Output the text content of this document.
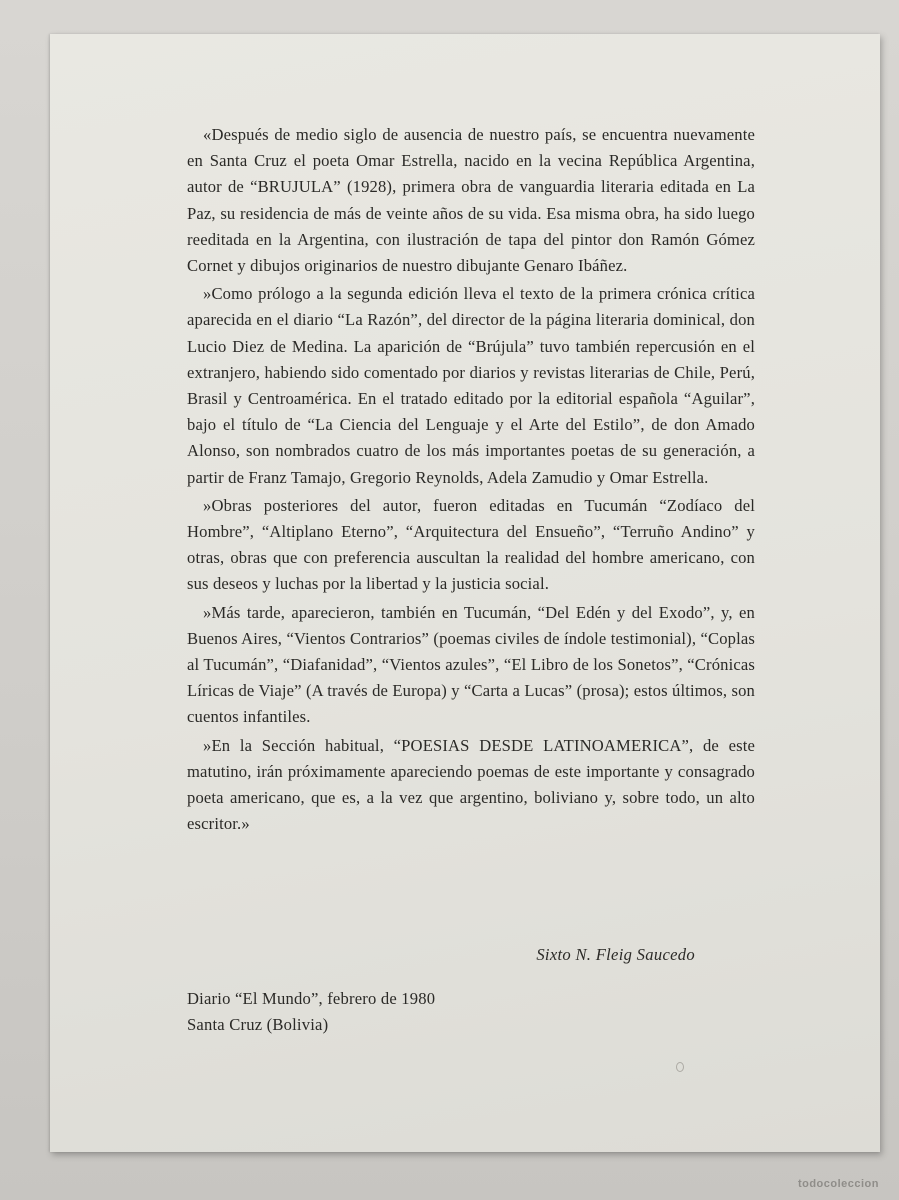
«Después de medio siglo de ausencia de nuestro país, se encuentra nuevamente en Santa Cruz el poeta Omar Estrella, nacido en la vecina República Argentina, autor de “BRUJULA” (1928), primera obra de vanguardia literaria editada en La Paz, su residencia de más de veinte años de su vida. Esa misma obra, ha sido luego reeditada en la Argentina, con ilustración de tapa del pintor don Ramón Gómez Cornet y dibujos originarios de nuestro dibujante Genaro Ibáñez.

»Como prólogo a la segunda edición lleva el texto de la primera crónica crítica aparecida en el diario “La Razón”, del director de la página literaria dominical, don Lucio Diez de Medina. La aparición de “Brújula” tuvo también repercusión en el extranjero, habiendo sido comentado por diarios y revistas literarias de Chile, Perú, Brasil y Centroamérica. En el tratado editado por la editorial española “Aguilar”, bajo el título de “La Ciencia del Lenguaje y el Arte del Estilo”, de don Amado Alonso, son nombrados cuatro de los más importantes poetas de su generación, a partir de Franz Tamajo, Gregorio Reynolds, Adela Zamudio y Omar Estrella.

»Obras posteriores del autor, fueron editadas en Tucumán “Zodíaco del Hombre”, “Altiplano Eterno”, “Arquitectura del Ensueño”, “Terruño Andino” y otras, obras que con preferencia auscultan la realidad del hombre americano, con sus deseos y luchas por la libertad y la justicia social.

»Más tarde, aparecieron, también en Tucumán, “Del Edén y del Exodo”, y, en Buenos Aires, “Vientos Contrarios” (poemas civiles de índole testimonial), “Coplas al Tucumán”, “Diafanidad”, “Vientos azules”, “El Libro de los Sonetos”, “Crónicas Líricas de Viaje” (A través de Europa) y “Carta a Lucas” (prosa); estos últimos, son cuentos infantiles.

»En la Sección habitual, “POESIAS DESDE LATINOAMERICA”, de este matutino, irán próximamente apareciendo poemas de este importante y consagrado poeta americano, que es, a la vez que argentino, boliviano y, sobre todo, un alto escritor.»

Sixto N. Fleig Saucedo
Diario “El Mundo”, febrero de 1980
Santa Cruz (Bolivia)
todocoleccion
